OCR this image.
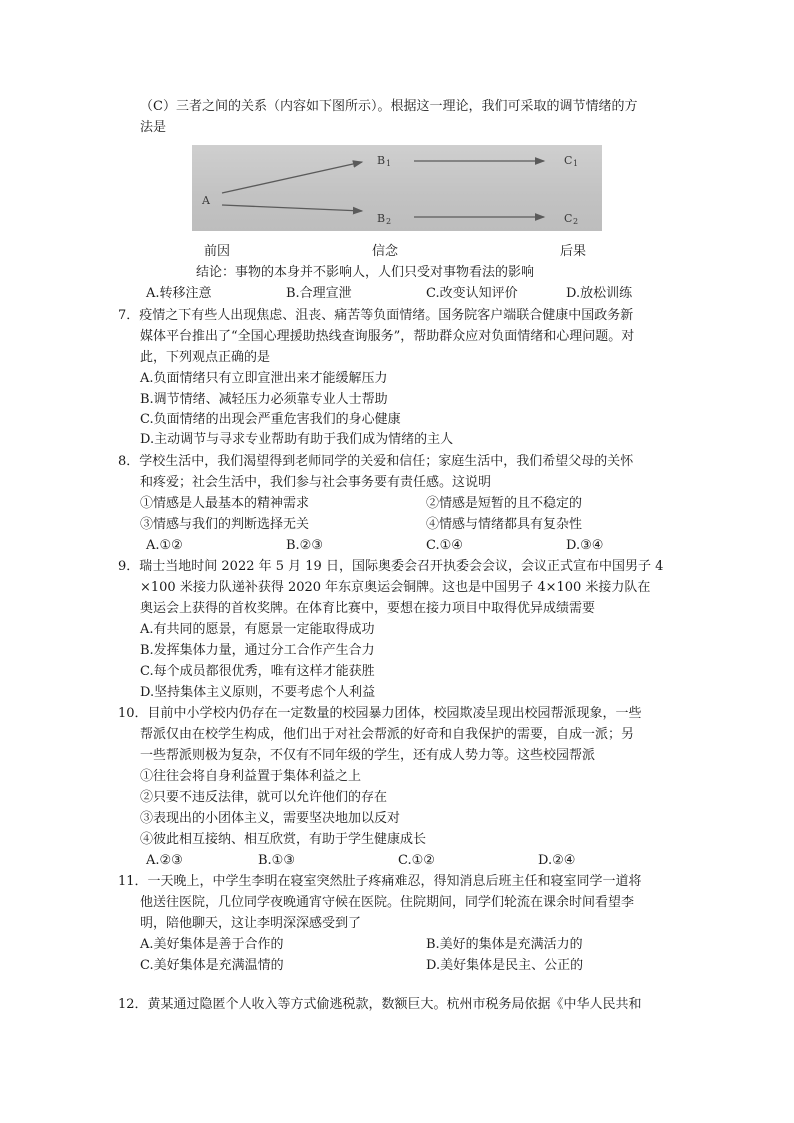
（C）三者之间的关系（内容如下图所示）。根据这一理论，我们可采取的调节情绪的方
法是
A
B 1
B 2
C 1
C 2
前因	信念	后果
结论：事物的本身并不影响人，人们只受对事物看法的影响
A.转移注意	B.合理宣泄	C.改变认知评价	D.放松训练
7．疫情之下有些人出现焦虑、沮丧、痛苦等负面情绪。国务院客户端联合健康中国政务新
媒体平台推出了“全国心理援助热线查询服务”，帮助群众应对负面情绪和心理问题。对
此，下列观点正确的是
A.负面情绪只有立即宣泄出来才能缓解压力
B.调节情绪、减轻压力必须靠专业人士帮助
C.负面情绪的出现会严重危害我们的身心健康
D.主动调节与寻求专业帮助有助于我们成为情绪的主人
8．学校生活中，我们渴望得到老师同学的关爱和信任；家庭生活中，我们希望父母的关怀
和疼爱；社会生活中，我们参与社会事务要有责任感。这说明
①情感是人最基本的精神需求	②情感是短暂的且不稳定的
③情感与我们的判断选择无关	④情感与情绪都具有复杂性
A.①②	B.②③	C.①④	D.③④
9．瑞士当地时间 2022 年 5 月 19 日，国际奥委会召开执委会会议，会议正式宣布中国男子 4
×100 米接力队递补获得 2020 年东京奥运会铜牌。这也是中国男子 4×100 米接力队在
奥运会上获得的首枚奖牌。在体育比赛中，要想在接力项目中取得优异成绩需要
A.有共同的愿景，有愿景一定能取得成功
B.发挥集体力量，通过分工合作产生合力
C.每个成员都很优秀，唯有这样才能获胜
D.坚持集体主义原则，不要考虑个人利益
10．目前中小学校内仍存在一定数量的校园暴力团体，校园欺凌呈现出校园帮派现象，一些
帮派仅由在校学生构成，他们出于对社会帮派的好奇和自我保护的需要，自成一派；另
一些帮派则极为复杂，不仅有不同年级的学生，还有成人势力等。这些校园帮派
①往往会将自身利益置于集体利益之上
②只要不违反法律，就可以允许他们的存在
③表现出的小团体主义，需要坚决地加以反对
④彼此相互接纳、相互欣赏，有助于学生健康成长
A.②③	B.①③	C.①②	D.②④
11．一天晚上，中学生李明在寝室突然肚子疼痛难忍，得知消息后班主任和寝室同学一道将
他送往医院，几位同学夜晚通宵守候在医院。住院期间，同学们轮流在课余时间看望李
明，陪他聊天，这让李明深深感受到了
A.美好集体是善于合作的	B.美好的集体是充满活力的
C.美好集体是充满温情的	D.美好集体是民主、公正的
12．黄某通过隐匿个人收入等方式偷逃税款，数额巨大。杭州市税务局依据《中华人民共和
